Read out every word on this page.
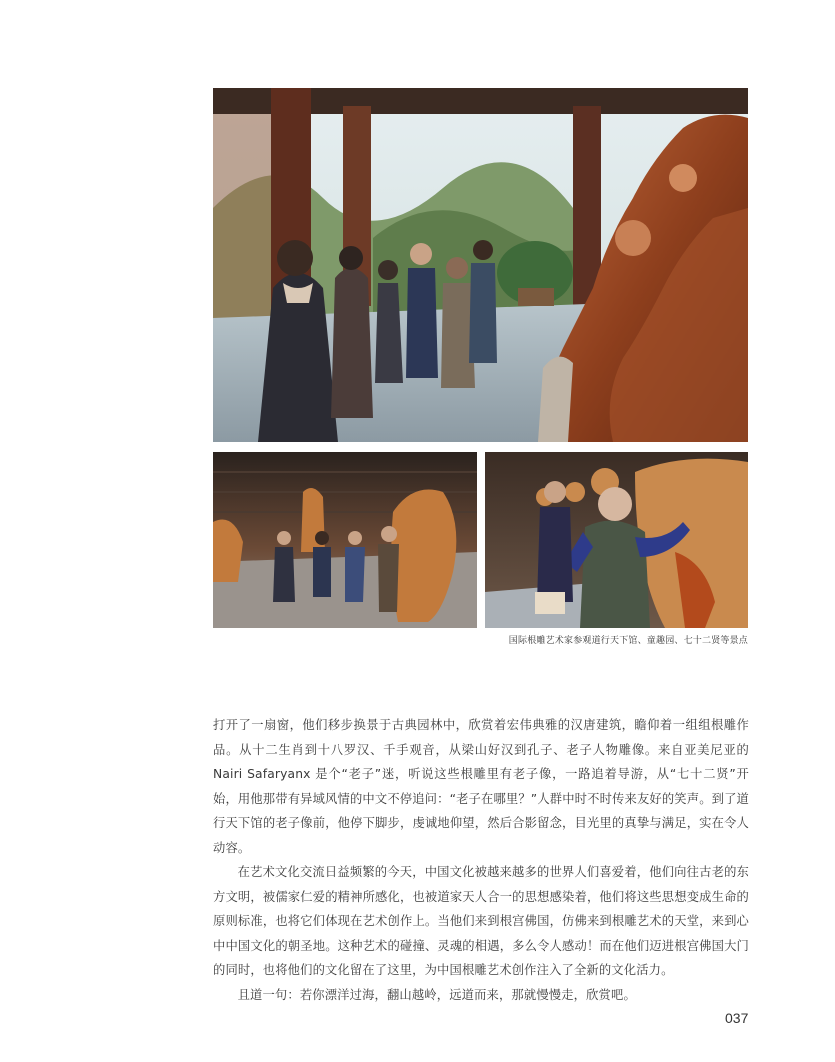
国际根雕艺术家参观道行天下馆、童趣园、七十二贤等景点

打开了一扇窗，他们移步换景于古典园林中，欣赏着宏伟典雅的汉唐建筑，瞻仰着一组组根雕作品。从十二生肖到十八罗汉、千手观音，从梁山好汉到孔子、老子人物雕像。来自亚美尼亚的 Nairi Safaryanx 是个“老子”迷，听说这些根雕里有老子像，一路追着导游，从“七十二贤”开始，用他那带有异域风情的中文不停追问：“老子在哪里？”人群中时不时传来友好的笑声。到了道行天下馆的老子像前，他停下脚步，虔诚地仰望，然后合影留念，目光里的真挚与满足，实在令人动容。

在艺术文化交流日益频繁的今天，中国文化被越来越多的世界人们喜爱着，他们向往古老的东方文明，被儒家仁爱的精神所感化，也被道家天人合一的思想感染着，他们将这些思想变成生命的原则标准，也将它们体现在艺术创作上。当他们来到根宫佛国，仿佛来到根雕艺术的天堂，来到心中中国文化的朝圣地。这种艺术的碰撞、灵魂的相遇，多么令人感动！而在他们迈进根宫佛国大门的同时，也将他们的文化留在了这里，为中国根雕艺术创作注入了全新的文化活力。

且道一句：若你漂洋过海，翻山越岭，远道而来，那就慢慢走，欣赏吧。

037
